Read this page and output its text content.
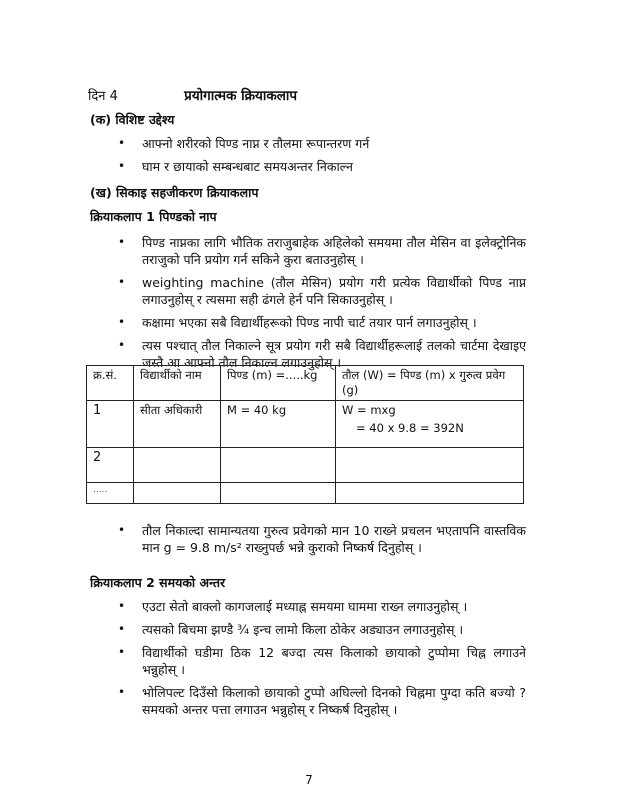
दिन 4	प्रयोगात्मक क्रियाकलाप
(क) विशिष्ट उद्देश्य
• आफ्नो शरीरको पिण्ड नाप्न र तौलमा रूपान्तरण गर्न
• घाम र छायाको सम्बन्धबाट समयअन्तर निकाल्न
(ख) सिकाइ सहजीकरण क्रियाकलाप
क्रियाकलाप 1 पिण्डको नाप
• पिण्ड नाप्नका लागि भौतिक तराजुबाहेक अहिलेको समयमा तौल मेसिन वा इलेक्ट्रोनिक तराजुको पनि प्रयोग गर्न सकिने कुरा बताउनुहोस् ।
• weighting machine (तौल मेसिन) प्रयोग गरी प्रत्येक विद्यार्थीको पिण्ड नाप्न लगाउनुहोस् र त्यसमा सही ढंगले हेर्न पनि सिकाउनुहोस् ।
• कक्षामा भएका सबै विद्यार्थीहरूको पिण्ड नापी चार्ट तयार पार्न लगाउनुहोस् ।
• त्यस पश्चात् तौल निकाल्ने सूत्र प्रयोग गरी सबै विद्यार्थीहरूलाई तलको चार्टमा देखाइए जस्तै आ आफ्नो तौल निकाल्न लगाउनुहोस् ।
क्र.सं.	विद्यार्थीको नाम	पिण्ड (m) =.....kg	तौल (W) = पिण्ड (m) x गुरुत्व प्रवेग (g)
1	सीता अधिकारी	M = 40 kg	W = mxg
= 40 x 9.8 = 392N

2			
.....			
• तौल निकाल्दा सामान्यतया गुरुत्व प्रवेगको मान 10 राख्ने प्रचलन भएतापनि वास्तविक मान g = 9.8 m/s² राख्नुपर्छ भन्ने कुराको निष्कर्ष दिनुहोस् ।
क्रियाकलाप 2 समयको अन्तर
• एउटा सेतो बाक्लो कागजलाई मध्याह्न समयमा घाममा राख्न लगाउनुहोस् ।
• त्यसको बिचमा झण्डै ¾ इन्च लामो किला ठोकेर अड्याउन लगाउनुहोस् ।
• विद्यार्थीको घडीमा ठिक 12 बज्दा त्यस किलाको छायाको टुप्पोमा चिह्न लगाउने भन्नुहोस् ।
• भोलिपल्ट दिउँसो किलाको छायाको टुप्पो अघिल्लो दिनको चिह्नमा पुग्दा कति बज्यो ? समयको अन्तर पत्ता लगाउन भन्नुहोस् र निष्कर्ष दिनुहोस् ।
7
